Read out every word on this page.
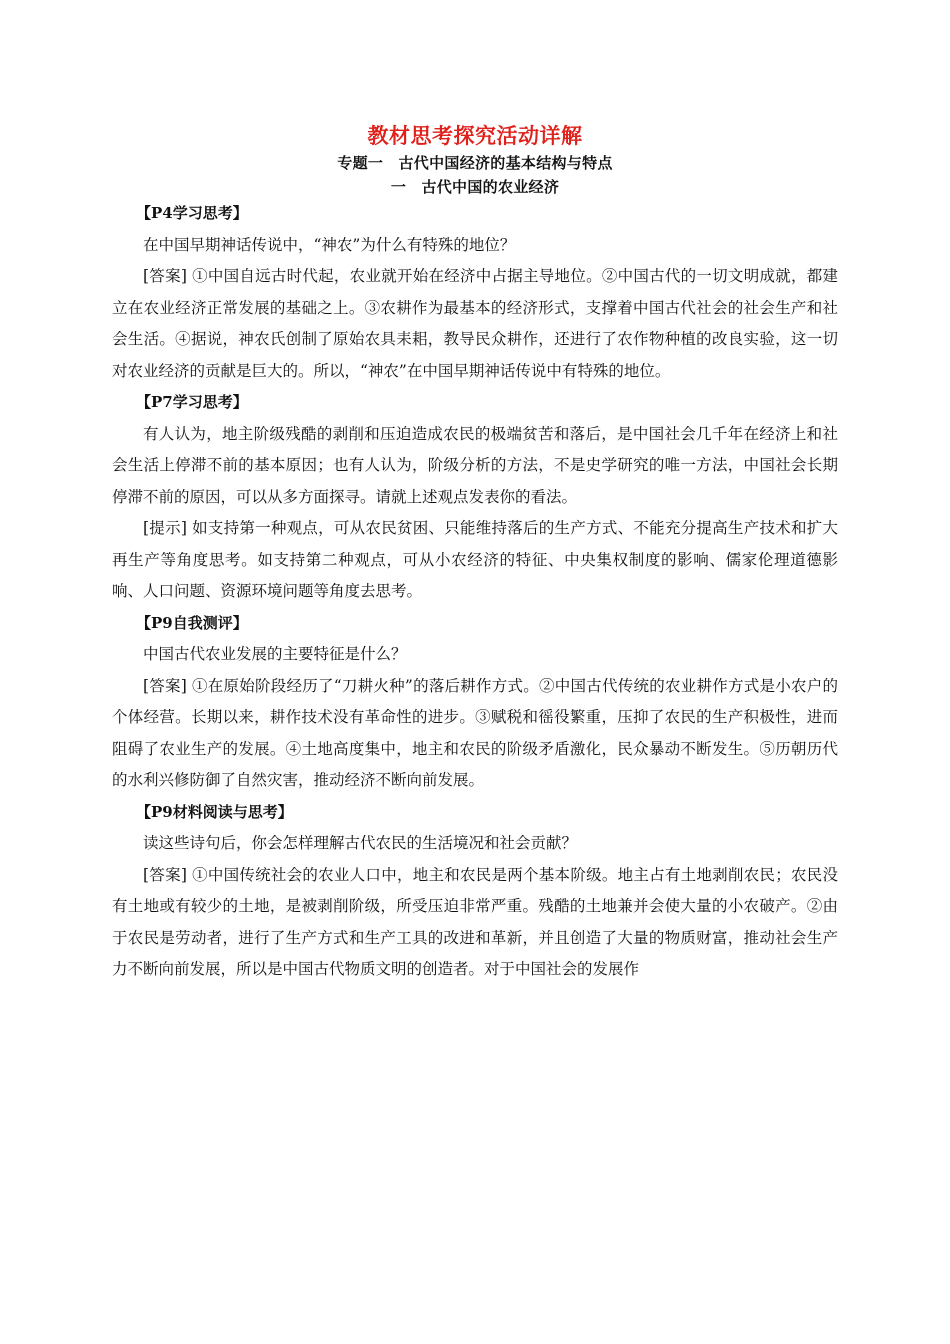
教材思考探究活动详解
专题一　古代中国经济的基本结构与特点
一　古代中国的农业经济

【P4学习思考】

在中国早期神话传说中，“神农”为什么有特殊的地位？

[答案] ①中国自远古时代起，农业就开始在经济中占据主导地位。②中国古代的一切文明成就，都建立在农业经济正常发展的基础之上。③农耕作为最基本的经济形式，支撑着中国古代社会的社会生产和社会生活。④据说，神农氏创制了原始农具耒耜，教导民众耕作，还进行了农作物种植的改良实验，这一切对农业经济的贡献是巨大的。所以，“神农”在中国早期神话传说中有特殊的地位。

【P7学习思考】

有人认为，地主阶级残酷的剥削和压迫造成农民的极端贫苦和落后，是中国社会几千年在经济上和社会生活上停滞不前的基本原因；也有人认为，阶级分析的方法，不是史学研究的唯一方法，中国社会长期停滞不前的原因，可以从多方面探寻。请就上述观点发表你的看法。

[提示] 如支持第一种观点，可从农民贫困、只能维持落后的生产方式、不能充分提高生产技术和扩大再生产等角度思考。如支持第二种观点，可从小农经济的特征、中央集权制度的影响、儒家伦理道德影响、人口问题、资源环境问题等角度去思考。

【P9自我测评】

中国古代农业发展的主要特征是什么？

[答案] ①在原始阶段经历了“刀耕火种”的落后耕作方式。②中国古代传统的农业耕作方式是小农户的个体经营。长期以来，耕作技术没有革命性的进步。③赋税和徭役繁重，压抑了农民的生产积极性，进而阻碍了农业生产的发展。④土地高度集中，地主和农民的阶级矛盾激化，民众暴动不断发生。⑤历朝历代的水利兴修防御了自然灾害，推动经济不断向前发展。

【P9材料阅读与思考】

读这些诗句后，你会怎样理解古代农民的生活境况和社会贡献？

[答案] ①中国传统社会的农业人口中，地主和农民是两个基本阶级。地主占有土地剥削农民；农民没有土地或有较少的土地，是被剥削阶级，所受压迫非常严重。残酷的土地兼并会使大量的小农破产。②由于农民是劳动者，进行了生产方式和生产工具的改进和革新，并且创造了大量的物质财富，推动社会生产力不断向前发展，所以是中国古代物质文明的创造者。对于中国社会的发展作
